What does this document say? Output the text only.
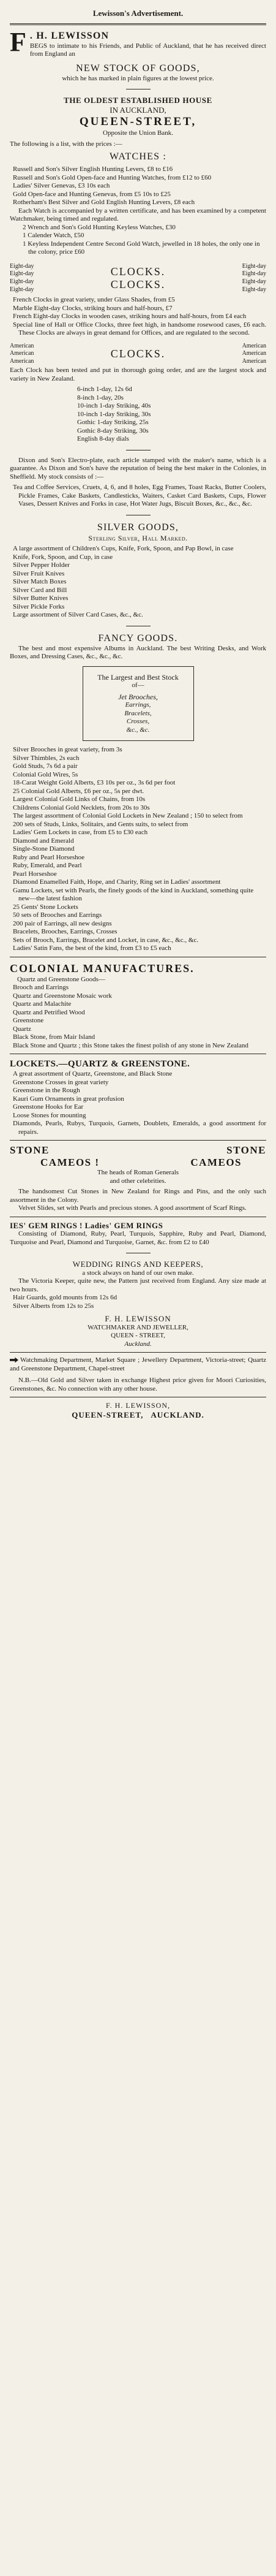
Lewisson's Advertisement.
F . H. LEWISSON

BEGS to intimate to his Friends, and Public of Auckland, that he has received direct from England an

NEW STOCK OF GOODS,

which he has marked in plain figures at the lowest price.

THE OLDEST ESTABLISHED HOUSE
IN AUCKLAND,
QUEEN-STREET,
Opposite the Union Bank.
The following is a list, with the prices :—
WATCHES :

Russell and Son's Silver English Hunting Levers, £8 to £16

Russell and Son's Gold Open-face and Hunting Watches, from £12 to £60

Ladies' Silver Genevas, £3 10s each

Gold Open-face and Hunting Genevas, from £5 10s to £25

Rotherham's Best Silver and Gold English Hunting Levers, £8 each

Each Watch is accompanied by a written certificate, and has been examined by a competent Watchmaker, being timed and regulated.

2 Wrench and Son's Gold Hunting Keyless Watches, £30

1 Calender Watch, £50

1 Keyless Independent Centre Second Gold Watch, jewelled in 18 holes, the only one in the colony, price £60

Eight-day
Eight-day
Eight-day
Eight-day
CLOCKS.
CLOCKS.
Eight-day
Eight-day
Eight-day
Eight-day

French Clocks in great variety, under Glass Shades, from £5

Marble Eight-day Clocks, striking hours and half-hours, £7

French Eight-day Clocks in wooden cases, striking hours and half-hours, from £4 each

Special line of Hall or Office Clocks, three feet high, in handsome rosewood cases, £6 each. These Clocks are always in great demand for Offices, and are regulated to the second.

American
American
American
CLOCKS.
American
American
American

Each Clock has been tested and put in thorough going order, and are the largest stock and variety in New Zealand.

6-inch 1-day, 12s 6d

8-inch 1-day, 20s

10-inch 1-day Striking, 40s

10-inch 1-day Striking, 30s

Gothic 1-day Striking, 25s

Gothic 8-day Striking, 30s

English 8-day dials

Dixon and Son's Electro-plate, each article stamped with the maker's name, which is a guarantee. As Dixon and Son's have the reputation of being the best maker in the Colonies, in Sheffield. My stock consists of :—

Tea and Coffee Services, Cruets, 4, 6, and 8 holes, Egg Frames, Toast Racks, Butter Coolers, Pickle Frames, Cake Baskets, Candlesticks, Waiters, Casket Card Baskets, Cups, Flower Vases, Dessert Knives and Forks in case, Hot Water Jugs, Biscuit Boxes, &c., &c., &c.

SILVER GOODS,
Sterling Silver, Hall Marked.

A large assortment of Children's Cups, Knife, Fork, Spoon, and Pap Bowl, in case

Knife, Fork, Spoon, and Cup, in case

Silver Pepper Holder

Silver Fruit Knives

Silver Match Boxes

Silver Card and Bill

Silver Butter Knives

Silver Pickle Forks

Large assortment of Silver Card Cases, &c., &c.

FANCY GOODS.

The best and most expensive Albums in Auckland. The best Writing Desks, and Work Boxes, and Dressing Cases, &c., &c., &c.

The Largest and Best Stock
of—
Jet Brooches,
Earrings,
Bracelets,
Crosses,
&c., &c.

Silver Brooches in great variety, from 3s

Silver Thimbles, 2s each

Gold Studs, 7s 6d a pair

Colonial Gold Wires, 5s

18-Carat Weight Gold Alberts, £3 10s per oz., 3s 6d per foot

25 Colonial Gold Alberts, £6 per oz., 5s per dwt.

Largest Colonial Gold Links of Chains, from 10s

Childrens Colonial Gold Necklets, from 20s to 30s

The largest assortment of Colonial Gold Lockets in New Zealand ; 150 to select from

200 sets of Studs, Links, Solitairs, and Gents suits, to select from

Ladies' Gem Lockets in case, from £5 to £30 each

Diamond and Emerald

Single-Stone Diamond

Ruby and Pearl Horseshoe

Ruby, Emerald, and Pearl

Pearl Horseshoe

Diamond Enamelled Faith, Hope, and Charity, Ring set in Ladies' assortment

Gamu Lockets, set with Pearls, the finely goods of the kind in Auckland, something quite new—the latest fashion

25 Gents' Stone Lockets

50 sets of Brooches and Earrings

200 pair of Earrings, all new designs

Bracelets, Brooches, Earrings, Crosses

Sets of Brooch, Earrings, Bracelet and Locket, in case, &c., &c., &c.

Ladies' Satin Fans, the best of the kind, from £3 to £5 each

COLONIAL MANUFACTURES.
Quartz and Greenstone Goods—

Brooch and Earrings

Quartz and Greenstone Mosaic work

Quartz and Malachite

Quartz and Petrified Wood

Greenstone

Quartz

Black Stone, from Mair Island

Black Stone and Quartz ; this Stone takes the finest polish of any stone in New Zealand

LOCKETS.—QUARTZ & GREENSTONE.

A great assortment of Quartz, Greenstone, and Black Stone

Greenstone Crosses in great variety

Greenstone in the Rough

Kauri Gum Ornaments in great profusion

Greenstone Hooks for Ear

Loose Stones for mounting

Diamonds, Pearls, Rubys, Turquois, Garnets, Doublets, Emeralds, a good assortment for repairs.

STONE	STONE
CAMEOS !	CAMEOS
The heads of Roman Generals
and other celebrities.

The handsomest Cut Stones in New Zealand for Rings and Pins, and the only such assortment in the Colony.

Velvet Slides, set with Pearls and precious stones. A good assortment of Scarf Rings.

IES' GEM RINGS ! Ladies' GEM RINGS

Consisting of Diamond, Ruby, Pearl, Turquois, Sapphire, Ruby and Pearl, Diamond, Turquoise and Pearl, Diamond and Turquoise, Garnet, &c. from £2 to £40

WEDDING RINGS AND KEEPERS,

a stock always on hand of our own make.

The Victoria Keeper, quite new, the Pattern just received from England. Any size made at two hours.

Hair Guards, gold mounts from 12s 6d

Silver Alberts from 12s to 25s

F. H. LEWISSON
WATCHMAKER AND JEWELLER,
QUEEN - STREET,
Auckland.

Watchmaking Department, Market Square ; Jewellery Department, Victoria-street; Quartz and Greenstone Department, Chapel-street

N.B.—Old Gold and Silver taken in exchange Highest price given for Moori Curiosities, Greenstones, &c. No connection with any other house.

F. H. LEWISSON,
QUEEN-STREET,   AUCKLAND.
